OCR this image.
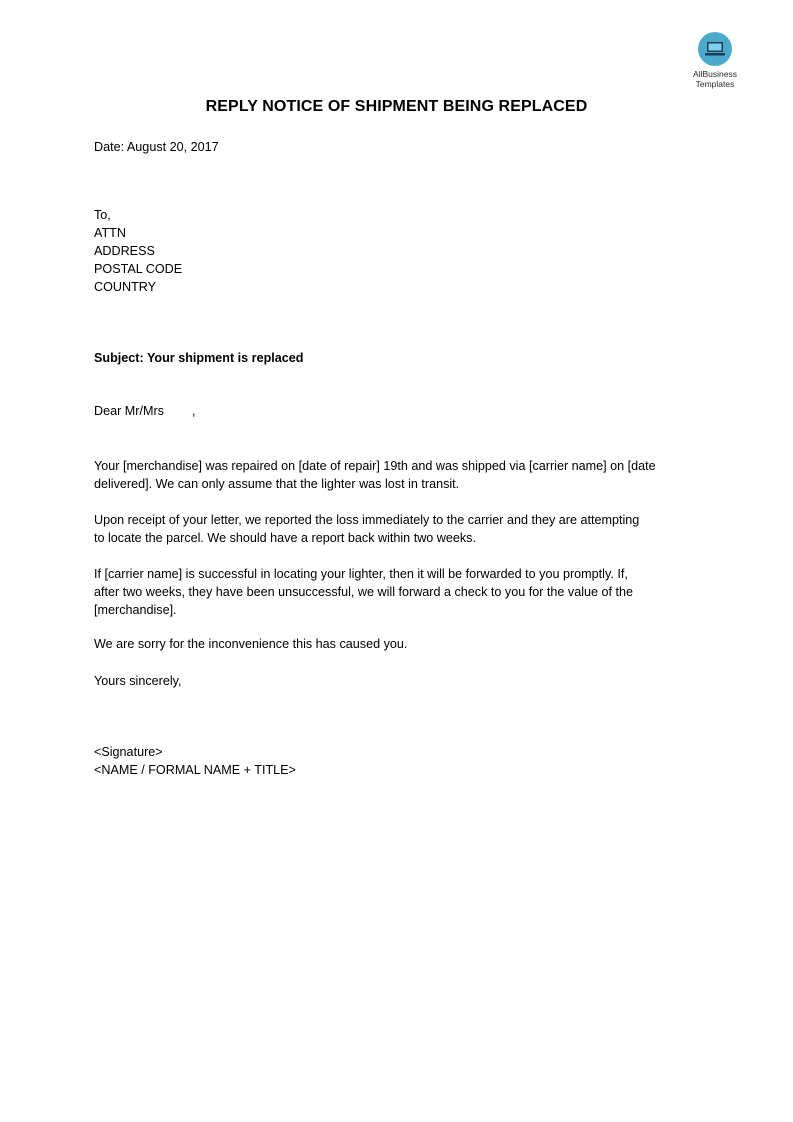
AllBusiness
Templates
REPLY NOTICE OF SHIPMENT BEING REPLACED
Date: August 20, 2017
To,
ATTN
ADDRESS
POSTAL CODE
COUNTRY
Subject: Your shipment is replaced
Dear Mr/Mrs        ,
Your [merchandise] was repaired on [date of repair] 19th and was shipped via [carrier name] on [date
delivered]. We can only assume that the lighter was lost in transit.
Upon receipt of your letter, we reported the loss immediately to the carrier and they are attempting
to locate the parcel. We should have a report back within two weeks.
If [carrier name] is successful in locating your lighter, then it will be forwarded to you promptly. If,
after two weeks, they have been unsuccessful, we will forward a check to you for the value of the
[merchandise].
We are sorry for the inconvenience this has caused you.
Yours sincerely,
<Signature>
<NAME / FORMAL NAME + TITLE>
